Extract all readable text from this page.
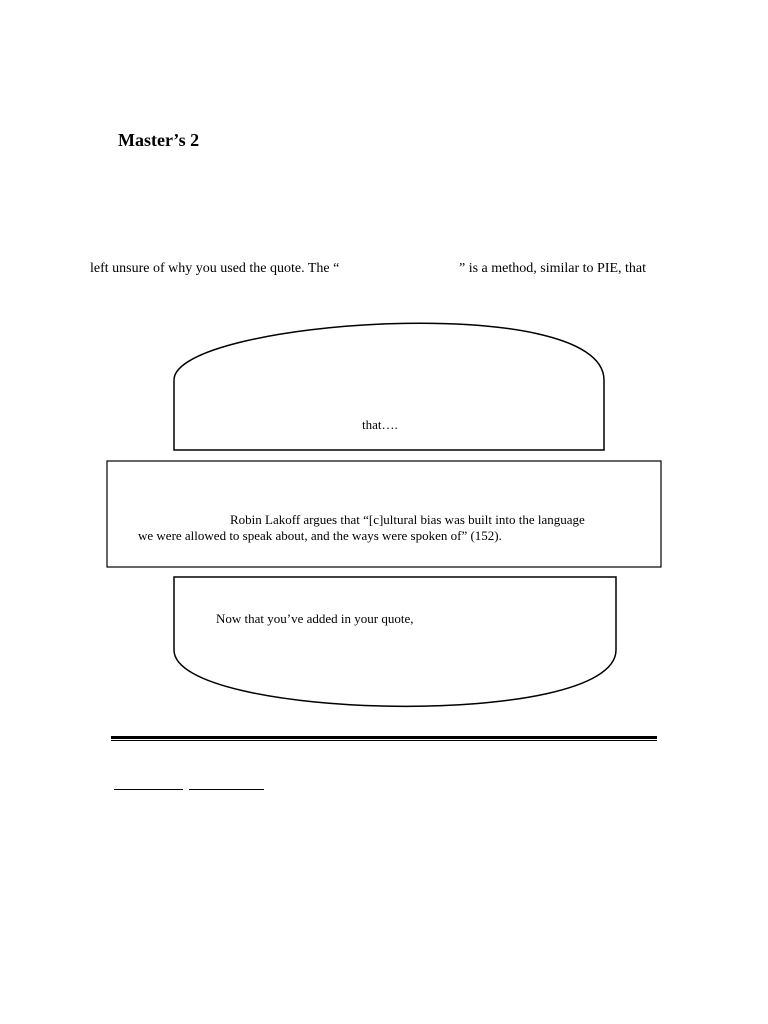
Master’s 2
left unsure of why you used the quote. The “	” is a method, similar to PIE, that
that….
Robin Lakoff argues that “[c]ultural bias was built into the language
we were allowed to speak about, and the ways were spoken of” (152).
Now that you’ve added in your quote,
